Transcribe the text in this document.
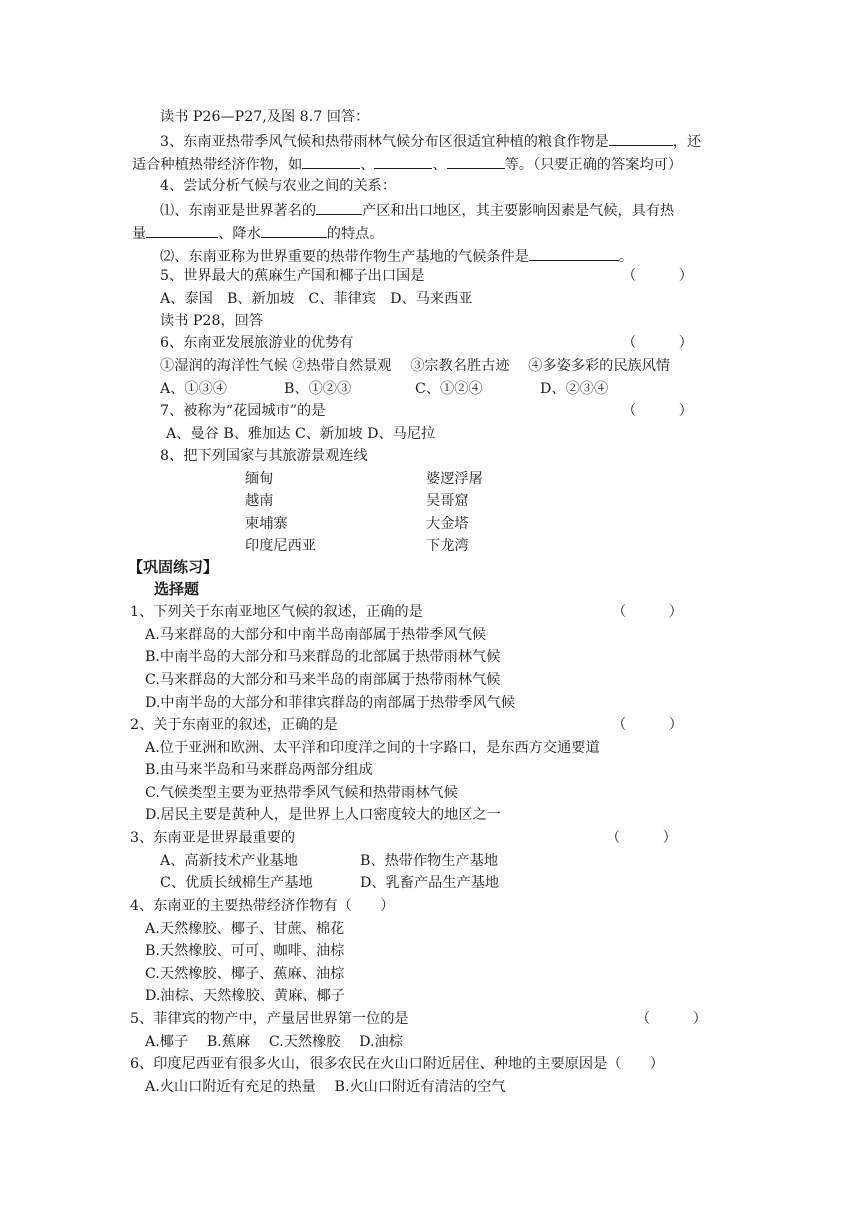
读书 P26—P27,及图 8.7 回答：
3、东南亚热带季风气候和热带雨林气候分布区很适宜种植的粮食作物是	，还
适合种植热带经济作物，如	、	、	等。（只要正确的答案均可）
4、尝试分析气候与农业之间的关系：
⑴、东南亚是世界著名的	产区和出口地区，其主要影响因素是气候，具有热
量	、降水	的特点。
⑵、东南亚称为世界重要的热带作物生产基地的气候条件是	。
5、世界最大的蕉麻生产国和椰子出口国是	（　　　）
A、泰国　B、新加坡　C、菲律宾　D、马来西亚
读书 P28，回答
6、东南亚发展旅游业的优势有	（　　　）
①湿润的海洋性气候 ②热带自然景观　 ③宗教名胜古迹　 ④多姿多彩的民族风情
A、①③④	B、①②③	C、①②④	D、②③④
7、被称为“花园城市”的是	（　　　）
A、曼谷 B、雅加达 C、新加坡 D、马尼拉
8、把下列国家与其旅游景观连线
缅甸	婆逻浮屠
越南	吴哥窟
柬埔寨	大金塔
印度尼西亚	下龙湾
【巩固练习】
选择题
1、下列关于东南亚地区气候的叙述，正确的是	（　　　）
A.马来群岛的大部分和中南半岛南部属于热带季风气候
B.中南半岛的大部分和马来群岛的北部属于热带雨林气候
C.马来群岛的大部分和马来半岛的南部属于热带雨林气候
D.中南半岛的大部分和菲律宾群岛的南部属于热带季风气候
2、关于东南亚的叙述，正确的是	（　　　）
A.位于亚洲和欧洲、太平洋和印度洋之间的十字路口，是东西方交通要道
B.由马来半岛和马来群岛两部分组成
C.气候类型主要为亚热带季风气候和热带雨林气候
D.居民主要是黄种人，是世界上人口密度较大的地区之一
3、东南亚是世界最重要的	（　　　）
A、高新技术产业基地	B、热带作物生产基地
C、优质长绒棉生产基地	D、乳畜产品生产基地
4、东南亚的主要热带经济作物有（　　）
A.天然橡胶、椰子、甘蔗、棉花
B.天然橡胶、可可、咖啡、油棕
C.天然橡胶、椰子、蕉麻、油棕
D.油棕、天然橡胶、黄麻、椰子
5、菲律宾的物产中，产量居世界第一位的是	（　　　）
A.椰子　 B.蕉麻　 C.天然橡胶　 D.油棕
6、印度尼西亚有很多火山，很多农民在火山口附近居住、种地的主要原因是（　　）
A.火山口附近有充足的热量　 B.火山口附近有清洁的空气
